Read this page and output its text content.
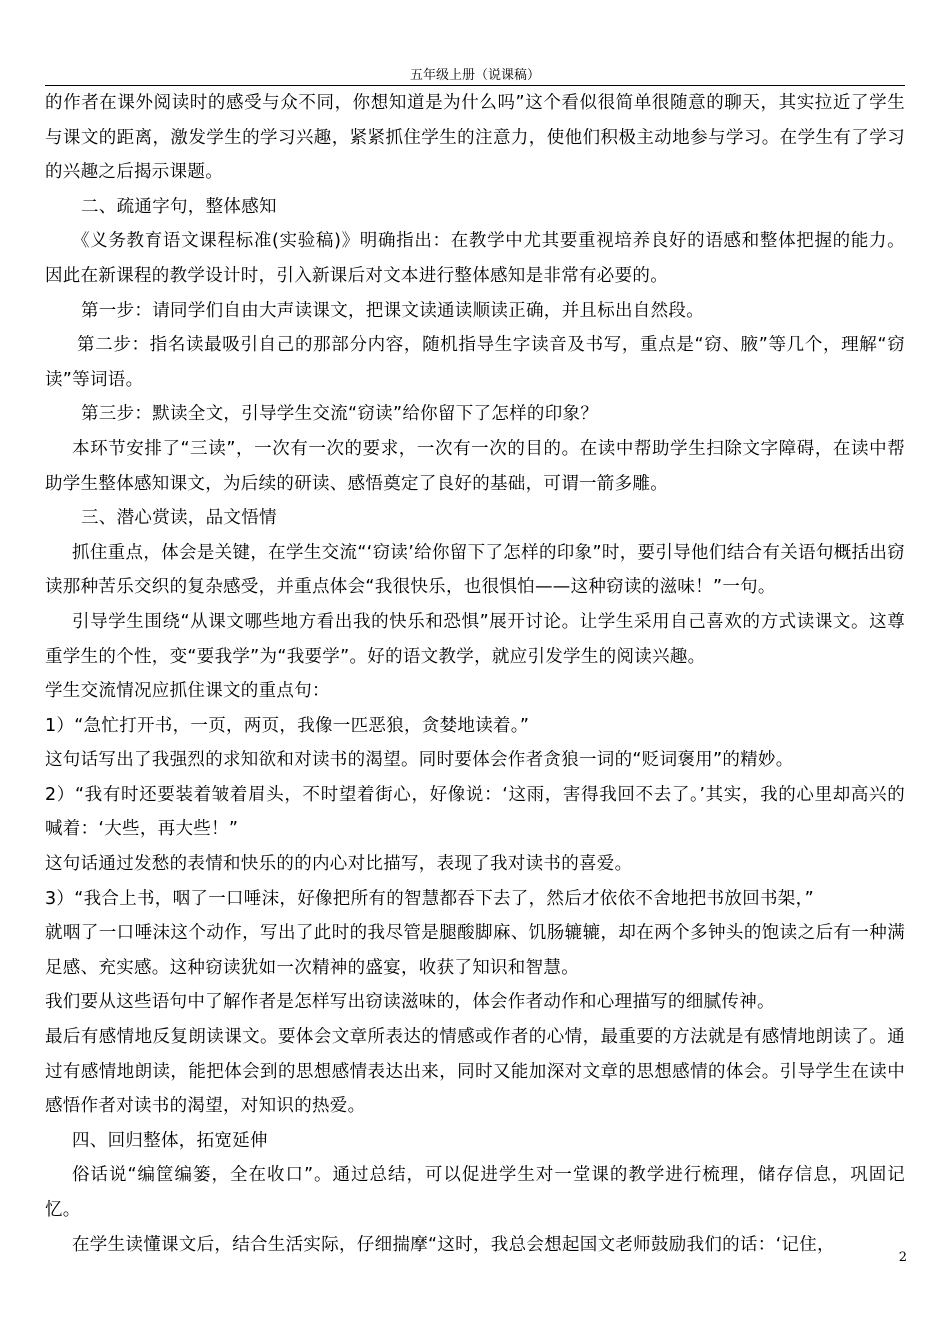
五年级上册（说课稿）

的作者在课外阅读时的感受与众不同，你想知道是为什么吗”这个看似很简单很随意的聊天，其实拉近了学生与课文的距离，激发学生的学习兴趣，紧紧抓住学生的注意力，使他们积极主动地参与学习。在学生有了学习的兴趣之后揭示课题。

二、疏通字句，整体感知

《义务教育语文课程标准(实验稿)》明确指出：在教学中尤其要重视培养良好的语感和整体把握的能力。因此在新课程的教学设计时，引入新课后对文本进行整体感知是非常有必要的。

第一步：请同学们自由大声读课文，把课文读通读顺读正确，并且标出自然段。

第二步：指名读最吸引自己的那部分内容，随机指导生字读音及书写，重点是“窃、腋”等几个，理解“窃读”等词语。

第三步：默读全文，引导学生交流“窃读”给你留下了怎样的印象？

本环节安排了“三读”，一次有一次的要求，一次有一次的目的。在读中帮助学生扫除文字障碍，在读中帮助学生整体感知课文，为后续的研读、感悟奠定了良好的基础，可谓一箭多雕。

三、潜心赏读，品文悟情

抓住重点，体会是关键，在学生交流“‘窃读’给你留下了怎样的印象”时，要引导他们结合有关语句概括出窃读那种苦乐交织的复杂感受，并重点体会“我很快乐，也很惧怕——这种窃读的滋味！”一句。

引导学生围绕“从课文哪些地方看出我的快乐和恐惧”展开讨论。让学生采用自己喜欢的方式读课文。这尊重学生的个性，变“要我学”为“我要学”。好的语文教学，就应引发学生的阅读兴趣。

学生交流情况应抓住课文的重点句：

1）“急忙打开书，一页，两页，我像一匹恶狼，贪婪地读着。”

这句话写出了我强烈的求知欲和对读书的渴望。同时要体会作者贪狼一词的“贬词褒用”的精妙。

2）“我有时还要装着皱着眉头，不时望着街心，好像说：‘这雨，害得我回不去了。’其实，我的心里却高兴的喊着：‘大些，再大些！”

这句话通过发愁的表情和快乐的的内心对比描写，表现了我对读书的喜爱。

3）“我合上书，咽了一口唾沫，好像把所有的智慧都吞下去了，然后才依依不舍地把书放回书架，”

就咽了一口唾沫这个动作，写出了此时的我尽管是腿酸脚麻、饥肠辘辘，却在两个多钟头的饱读之后有一种满足感、充实感。这种窃读犹如一次精神的盛宴，收获了知识和智慧。

我们要从这些语句中了解作者是怎样写出窃读滋味的，体会作者动作和心理描写的细腻传神。

最后有感情地反复朗读课文。要体会文章所表达的情感或作者的心情，最重要的方法就是有感情地朗读了。通过有感情地朗读，能把体会到的思想感情表达出来，同时又能加深对文章的思想感情的体会。引导学生在读中感悟作者对读书的渴望，对知识的热爱。

四、回归整体，拓宽延伸

俗话说“编筐编篓，全在收口”。通过总结，可以促进学生对一堂课的教学进行梳理，储存信息，巩固记忆。

在学生读懂课文后，结合生活实际，仔细揣摩“这时，我总会想起国文老师鼓励我们的话：‘记住，

2
